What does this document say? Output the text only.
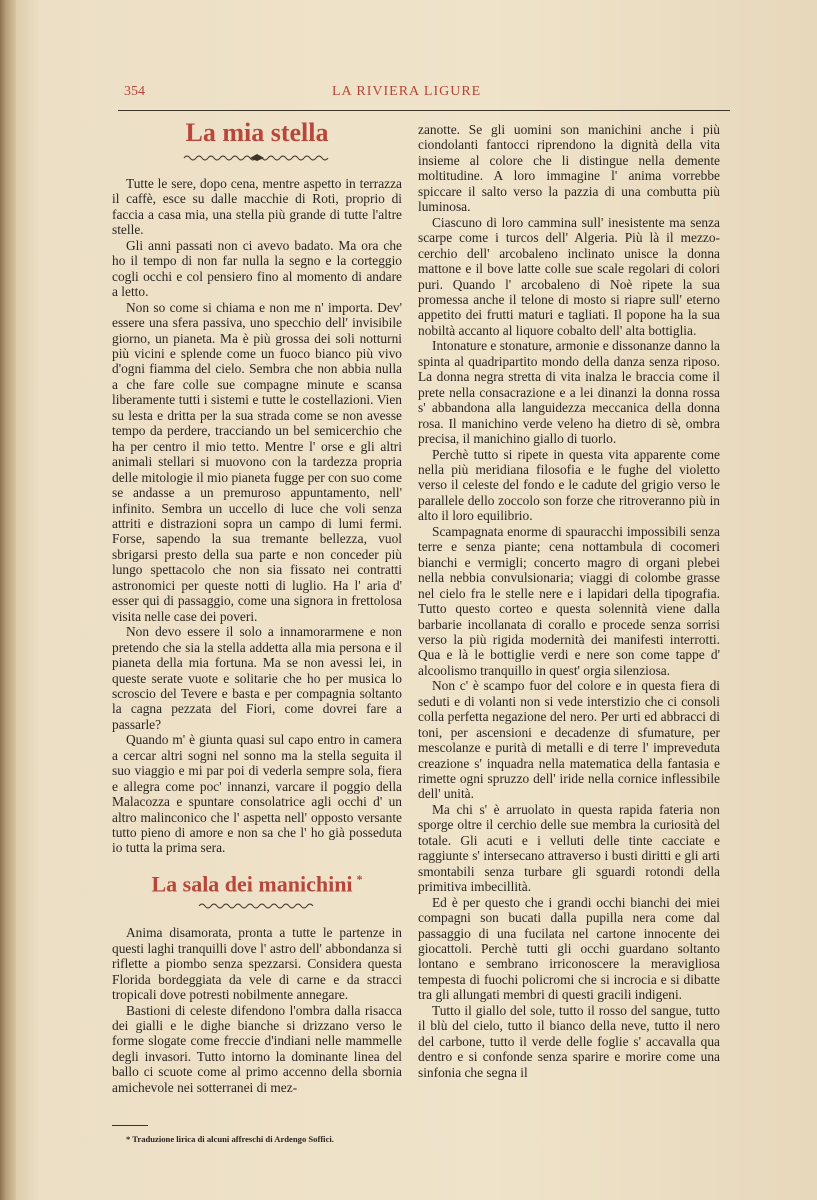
354	LA RIVIERA LIGURE
La mia stella

Tutte le sere, dopo cena, mentre aspetto in terrazza il caffè, esce su dalle macchie di Roti, proprio di faccia a casa mia, una stella più grande di tutte l'altre stelle.

Gli anni passati non ci avevo badato. Ma ora che ho il tempo di non far nulla la segno e la corteggio cogli occhi e col pensiero fino al momento di andare a letto.

Non so come si chiama e non me n' importa. Dev' essere una sfera passiva, uno specchio dell' invisibile giorno, un pianeta. Ma è più grossa dei soli notturni più vicini e splende come un fuoco bianco più vivo d'ogni fiamma del cielo. Sembra che non abbia nulla a che fare colle sue compagne minute e scansa liberamente tutti i sistemi e tutte le costellazioni. Vien su lesta e dritta per la sua strada come se non avesse tempo da perdere, tracciando un bel semicerchio che ha per centro il mio tetto. Mentre l' orse e gli altri animali stellari si muovono con la tardezza propria delle mitologie il mio pianeta fugge per con suo come se andasse a un premuroso appuntamento, nell' infinito. Sembra un uccello di luce che voli senza attriti e distrazioni sopra un campo di lumi fermi. Forse, sapendo la sua tremante bellezza, vuol sbrigarsi presto della sua parte e non conceder più lungo spettacolo che non sia fissato nei contratti astronomici per queste notti di luglio. Ha l' aria d' esser qui di passaggio, come una signora in frettolosa visita nelle case dei poveri.

Non devo essere il solo a innamorarmene e non pretendo che sia la stella addetta alla mia persona e il pianeta della mia fortuna. Ma se non avessi lei, in queste serate vuote e solitarie che ho per musica lo scroscio del Tevere e basta e per compagnia soltanto la cagna pezzata del Fiori, come dovrei fare a passarle?

Quando m' è giunta quasi sul capo entro in camera a cercar altri sogni nel sonno ma la stella seguita il suo viaggio e mi par poi di vederla sempre sola, fiera e allegra come poc' innanzi, varcare il poggio della Malacozza e spuntare consolatrice agli occhi d' un altro malinconico che l' aspetta nell' opposto versante tutto pieno di amore e non sa che l' ho già posseduta io tutta la prima sera.

La sala dei manichini *

Anima disamorata, pronta a tutte le partenze in questi laghi tranquilli dove l' astro dell' abbondanza si riflette a piombo senza spezzarsi. Considera questa Florida bordeggiata da vele di carne e da stracci tropicali dove potresti nobilmente annegare.

Bastioni di celeste difendono l'ombra dalla risacca dei gialli e le dighe bianche si drizzano verso le forme slogate come freccie d'indiani nelle mammelle degli invasori. Tutto intorno la dominante linea del ballo ci scuote come al primo accenno della sbornia amichevole nei sotterranei di mez-

* Traduzione lirica di alcuni affreschi di Ardengo Soffici.

zanotte. Se gli uomini son manichini anche i più ciondolanti fantocci riprendono la dignità della vita insieme al colore che li distingue nella demente moltitudine. A loro immagine l' anima vorrebbe spiccare il salto verso la pazzia di una combutta più luminosa.

Ciascuno di loro cammina sull' inesistente ma senza scarpe come i turcos dell' Algeria. Più là il mezzo-cerchio dell' arcobaleno inclinato unisce la donna mattone e il bove latte colle sue scale regolari di colori puri. Quando l' arcobaleno di Noè ripete la sua promessa anche il telone di mosto si riapre sull' eterno appetito dei frutti maturi e tagliati. Il popone ha la sua nobiltà accanto al liquore cobalto dell' alta bottiglia.

Intonature e stonature, armonie e dissonanze danno la spinta al quadripartito mondo della danza senza riposo. La donna negra stretta di vita inalza le braccia come il prete nella consacrazione e a lei dinanzi la donna rossa s' abbandona alla languidezza meccanica della donna rosa. Il manichino verde veleno ha dietro di sè, ombra precisa, il manichino giallo di tuorlo.

Perchè tutto si ripete in questa vita apparente come nella più meridiana filosofia e le fughe del violetto verso il celeste del fondo e le cadute del grigio verso le parallele dello zoccolo son forze che ritroveranno più in alto il loro equilibrio.

Scampagnata enorme di spauracchi impossibili senza terre e senza piante; cena nottambula di cocomeri bianchi e vermigli; concerto magro di organi plebei nella nebbia convulsionaria; viaggi di colombe grasse nel cielo fra le stelle nere e i lapidari della tipografia. Tutto questo corteo e questa solennità viene dalla barbarie incollanata di corallo e procede senza sorrisi verso la più rigida modernità dei manifesti interrotti. Qua e là le bottiglie verdi e nere son come tappe d' alcoolismo tranquillo in quest' orgia silenziosa.

Non c' è scampo fuor del colore e in questa fiera di seduti e di volanti non si vede interstizio che ci consoli colla perfetta negazione del nero. Per urti ed abbracci di toni, per ascensioni e decadenze di sfumature, per mescolanze e purità di metalli e di terre l' impreveduta creazione s' inquadra nella matematica della fantasia e rimette ogni spruzzo dell' iride nella cornice inflessibile dell' unità.

Ma chi s' è arruolato in questa rapida fateria non sporge oltre il cerchio delle sue membra la curiosità del totale. Gli acuti e i velluti delle tinte cacciate e raggiunte s' intersecano attraverso i busti diritti e gli arti smontabili senza turbare gli sguardi rotondi della primitiva imbecillità.

Ed è per questo che i grandi occhi bianchi dei miei compagni son bucati dalla pupilla nera come dal passaggio di una fucilata nel cartone innocente dei giocattoli. Perchè tutti gli occhi guardano soltanto lontano e sembrano irriconoscere la meravigliosa tempesta di fuochi policromi che si incrocia e si dibatte tra gli allungati membri di questi gracili indigeni.

Tutto il giallo del sole, tutto il rosso del sangue, tutto il blù del cielo, tutto il bianco della neve, tutto il nero del carbone, tutto il verde delle foglie s' accavalla qua dentro e si confonde senza sparire e morire come una sinfonia che segna il
